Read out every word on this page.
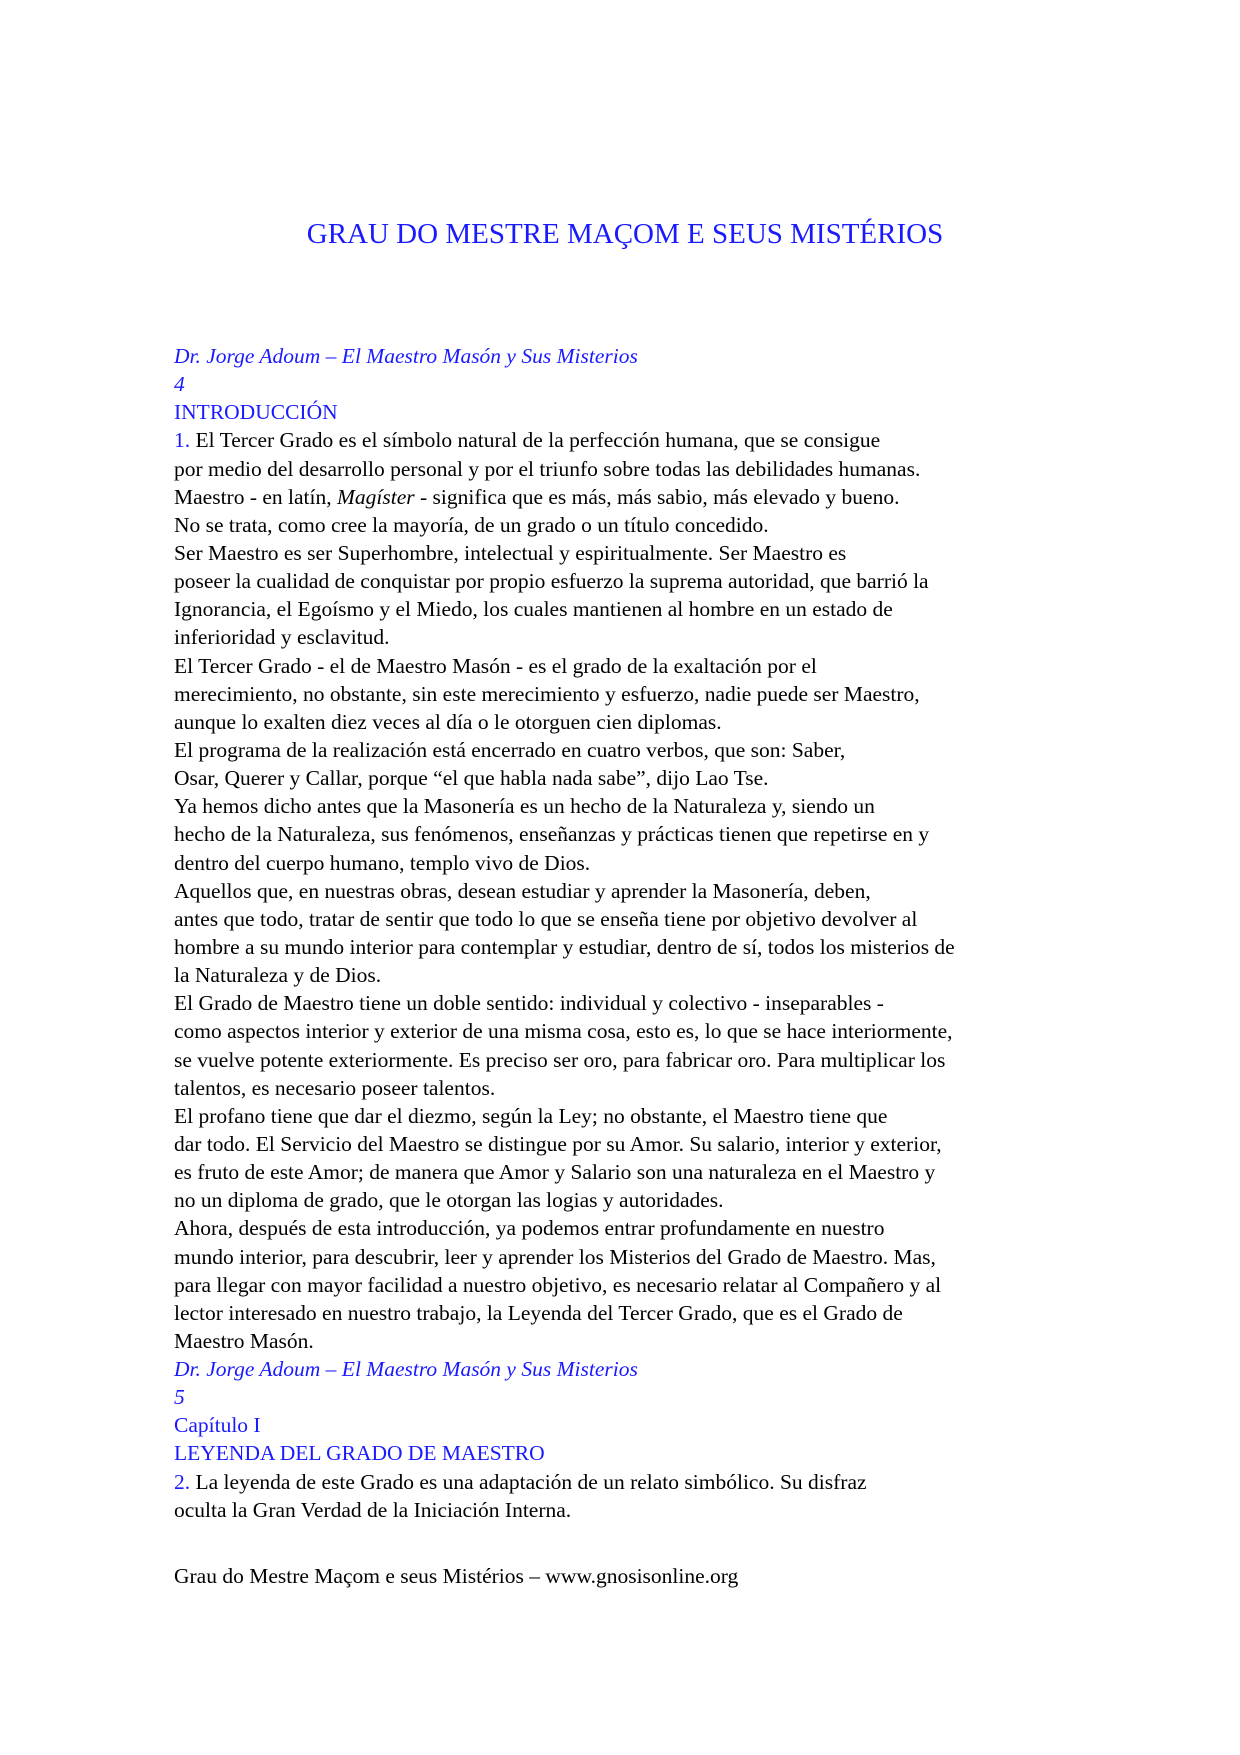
GRAU DO MESTRE MAÇOM E SEUS MISTÉRIOS
Dr. Jorge Adoum – El Maestro Masón y Sus Misterios
4
INTRODUCCIÓN
1. El Tercer Grado es el símbolo natural de la perfección humana, que se consigue
por medio del desarrollo personal y por el triunfo sobre todas las debilidades humanas.
Maestro - en latín, Magíster - significa que es más, más sabio, más elevado y bueno.
No se trata, como cree la mayoría, de un grado o un título concedido.
Ser Maestro es ser Superhombre, intelectual y espiritualmente. Ser Maestro es
poseer la cualidad de conquistar por propio esfuerzo la suprema autoridad, que barrió la
Ignorancia, el Egoísmo y el Miedo, los cuales mantienen al hombre en un estado de
inferioridad y esclavitud.
El Tercer Grado - el de Maestro Masón - es el grado de la exaltación por el
merecimiento, no obstante, sin este merecimiento y esfuerzo, nadie puede ser Maestro,
aunque lo exalten diez veces al día o le otorguen cien diplomas.
El programa de la realización está encerrado en cuatro verbos, que son: Saber,
Osar, Querer y Callar, porque “el que habla nada sabe”, dijo Lao Tse.
Ya hemos dicho antes que la Masonería es un hecho de la Naturaleza y, siendo un
hecho de la Naturaleza, sus fenómenos, enseñanzas y prácticas tienen que repetirse en y
dentro del cuerpo humano, templo vivo de Dios.
Aquellos que, en nuestras obras, desean estudiar y aprender la Masonería, deben,
antes que todo, tratar de sentir que todo lo que se enseña tiene por objetivo devolver al
hombre a su mundo interior para contemplar y estudiar, dentro de sí, todos los misterios de
la Naturaleza y de Dios.
El Grado de Maestro tiene un doble sentido: individual y colectivo - inseparables -
como aspectos interior y exterior de una misma cosa, esto es, lo que se hace interiormente,
se vuelve potente exteriormente. Es preciso ser oro, para fabricar oro. Para multiplicar los
talentos, es necesario poseer talentos.
El profano tiene que dar el diezmo, según la Ley; no obstante, el Maestro tiene que
dar todo. El Servicio del Maestro se distingue por su Amor. Su salario, interior y exterior,
es fruto de este Amor; de manera que Amor y Salario son una naturaleza en el Maestro y
no un diploma de grado, que le otorgan las logias y autoridades.
Ahora, después de esta introducción, ya podemos entrar profundamente en nuestro
mundo interior, para descubrir, leer y aprender los Misterios del Grado de Maestro. Mas,
para llegar con mayor facilidad a nuestro objetivo, es necesario relatar al Compañero y al
lector interesado en nuestro trabajo, la Leyenda del Tercer Grado, que es el Grado de
Maestro Masón.
Dr. Jorge Adoum – El Maestro Masón y Sus Misterios
5
Capítulo I
LEYENDA DEL GRADO DE MAESTRO
2. La leyenda de este Grado es una adaptación de un relato simbólico. Su disfraz
oculta la Gran Verdad de la Iniciación Interna.
Grau do Mestre Maçom e seus Mistérios – www.gnosisonline.org
